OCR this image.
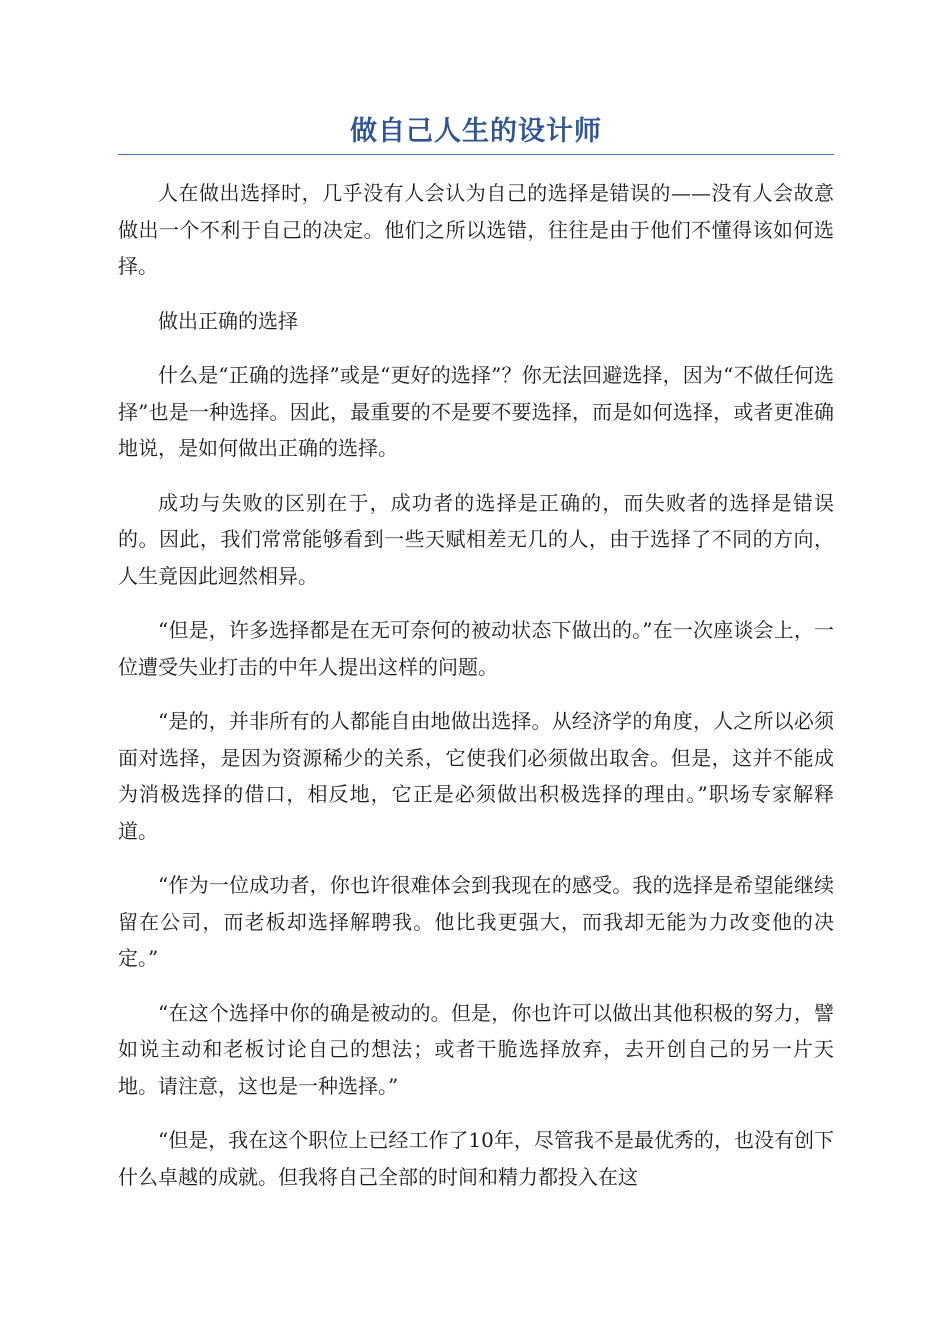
做自己人生的设计师

人在做出选择时，几乎没有人会认为自己的选择是错误的——没有人会故意做出一个不利于自己的决定。他们之所以选错，往往是由于他们不懂得该如何选择。

做出正确的选择

什么是“正确的选择”或是“更好的选择”？你无法回避选择，因为“不做任何选择”也是一种选择。因此，最重要的不是要不要选择，而是如何选择，或者更准确地说，是如何做出正确的选择。

成功与失败的区别在于，成功者的选择是正确的，而失败者的选择是错误的。因此，我们常常能够看到一些天赋相差无几的人，由于选择了不同的方向，人生竟因此迥然相异。

“但是，许多选择都是在无可奈何的被动状态下做出的。”在一次座谈会上，一位遭受失业打击的中年人提出这样的问题。

“是的，并非所有的人都能自由地做出选择。从经济学的角度，人之所以必须面对选择，是因为资源稀少的关系，它使我们必须做出取舍。但是，这并不能成为消极选择的借口，相反地，它正是必须做出积极选择的理由。”职场专家解释道。

“作为一位成功者，你也许很难体会到我现在的感受。我的选择是希望能继续留在公司，而老板却选择解聘我。他比我更强大，而我却无能为力改变他的决定。”

“在这个选择中你的确是被动的。但是，你也许可以做出其他积极的努力，譬如说主动和老板讨论自己的想法；或者干脆选择放弃，去开创自己的另一片天地。请注意，这也是一种选择。”

“但是，我在这个职位上已经工作了10年，尽管我不是最优秀的，也没有创下什么卓越的成就。但我将自己全部的时间和精力都投入在这
